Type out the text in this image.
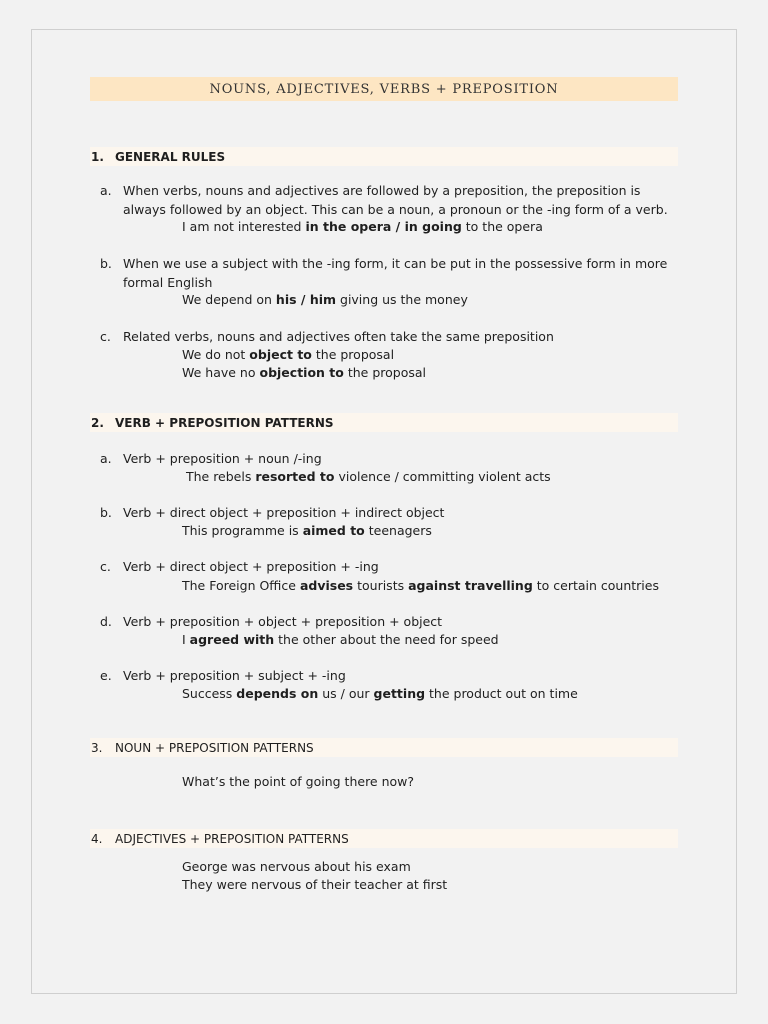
NOUNS, ADJECTIVES, VERBS + PREPOSITION
1. GENERAL RULES
a. When verbs, nouns and adjectives are followed by a preposition, the preposition is always followed by an object. This can be a noun, a pronoun or the -ing form of a verb.
I am not interested in the opera / in going to the opera
b. When we use a subject with the -ing form, it can be put in the possessive form in more formal English
We depend on his / him giving us the money
c. Related verbs, nouns and adjectives often take the same preposition
We do not object to the proposal
We have no objection to the proposal
2. VERB + PREPOSITION PATTERNS
a. Verb + preposition + noun /-ing
The rebels resorted to violence / committing violent acts
b. Verb + direct object + preposition + indirect object
This programme is aimed to teenagers
c. Verb + direct object + preposition + -ing
The Foreign Office advises tourists against travelling to certain countries
d. Verb + preposition + object + preposition + object
I agreed with the other about the need for speed
e. Verb + preposition + subject + -ing
Success depends on us / our getting the product out on time
3.	NOUN + PREPOSITION PATTERNS
What’s the point of going there now?
4.	ADJECTIVES + PREPOSITION PATTERNS
George was nervous about his exam
They were nervous of their teacher at first
